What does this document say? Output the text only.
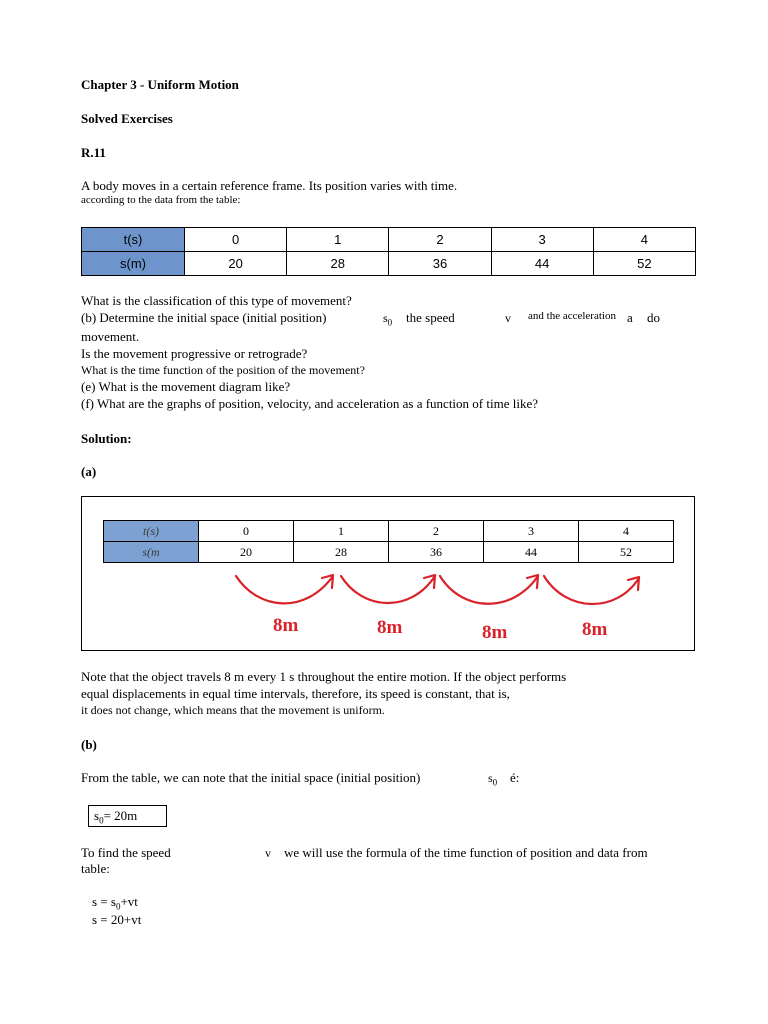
Chapter 3 - Uniform Motion
Solved Exercises
R.11
A body moves in a certain reference frame. Its position varies with time.
according to the data from the table:
t(s)	0	1	2	3	4
s(m)	20	28	36	44	52
What is the classification of this type of movement?
(b) Determine the initial space (initial position)	$s_0$ the speed	v and the acceleration a do
movement.
Is the movement progressive or retrograde?
What is the time function of the position of the movement?
(e) What is the movement diagram like?
(f) What are the graphs of position, velocity, and acceleration as a function of time like?
Solution:
(a)
t(s)	0	1	2	3	4
s(m	20	28	36	44	52
8m	8m	8m	8m
Note that the object travels 8 m every 1 s throughout the entire motion. If the object performs
equal displacements in equal time intervals, therefore, its speed is constant, that is,
it does not change, which means that the movement is uniform.
(b)
From the table, we can note that the initial space (initial position)	$s_0$ é:
$s_0= 20m$
To find the speed	v we will use the formula of the time function of position and data from
table:
$s = s_0+vt$
s = 20+vt
